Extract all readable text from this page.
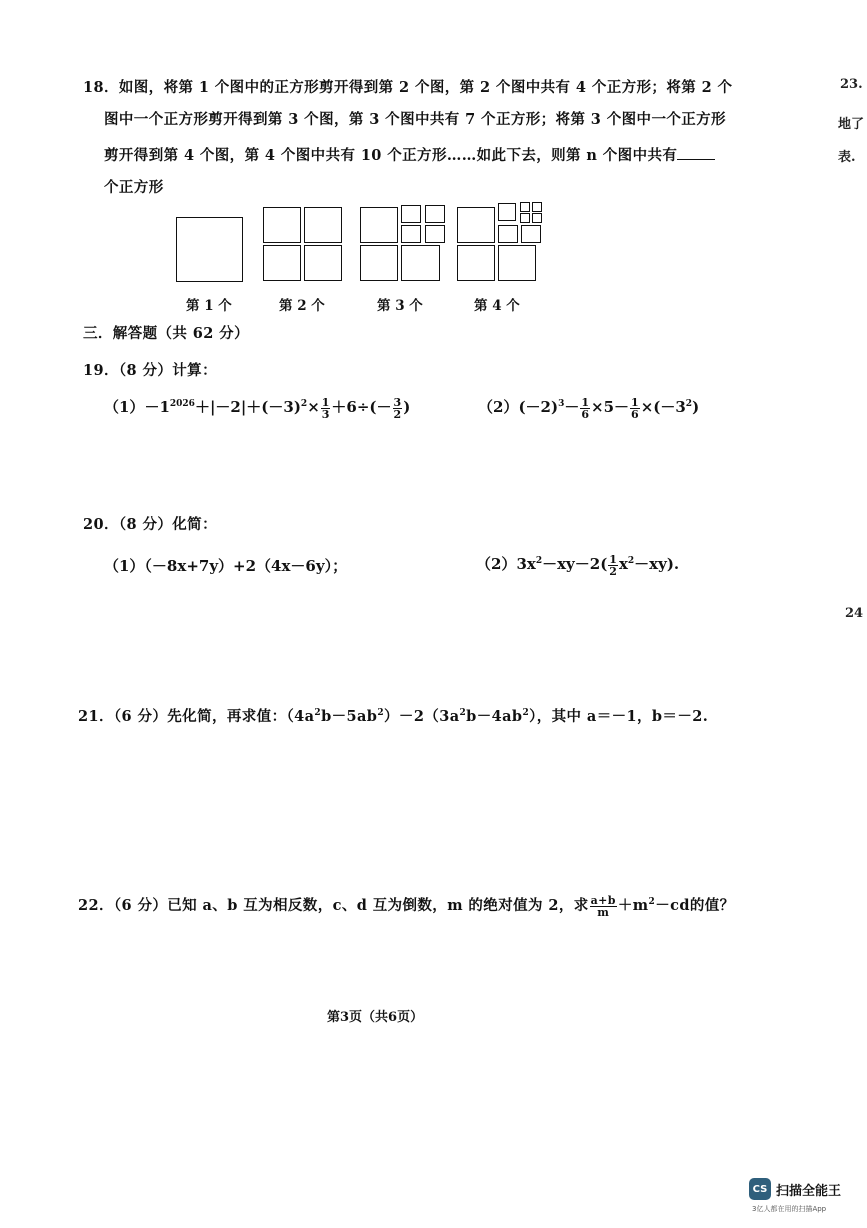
18．如图，将第 1 个图中的正方形剪开得到第 2 个图，第 2 个图中共有 4 个正方形；将第 2 个
图中一个正方形剪开得到第 3 个图，第 3 个图中共有 7 个正方形；将第 3 个图中一个正方形
剪开得到第 4 个图，第 4 个图中共有 10 个正方形……如此下去，则第 n 个图中共有
个正方形
第 1 个	第 2 个	第 3 个	第 4 个
三．解答题（共 62 分）
19．（8 分）计算：
$(1)-1^{2026}+|-2|+(-3)^2\times \frac{1}{3} +6\div(- \frac{3}{2}$ )	$(2)(-2)^3- \frac{1}{6} \times 5- \frac{1}{6} \times(-3^2)$
20．（8 分）化简：
（1）（－8x+7y）+2（4x－6y）；	$(2)3x^2-xy-2( \frac{1}{2} x^2-xy)$.
21．（6 分）先化简，再求值：$(4a^2b-5ab^2)-2(3a^2b-4ab^2)$，其中 a＝－1，b＝－2.
22．（6 分）已知 a、b 互为相反数，c、d 互为倒数，m 的绝对值为 2，求 $\frac{a+b}{m} +m^2-cd$的值？
第3页（共6页）
23.
地了
表.
24
CS 扫描全能王
3亿人都在用的扫描App
